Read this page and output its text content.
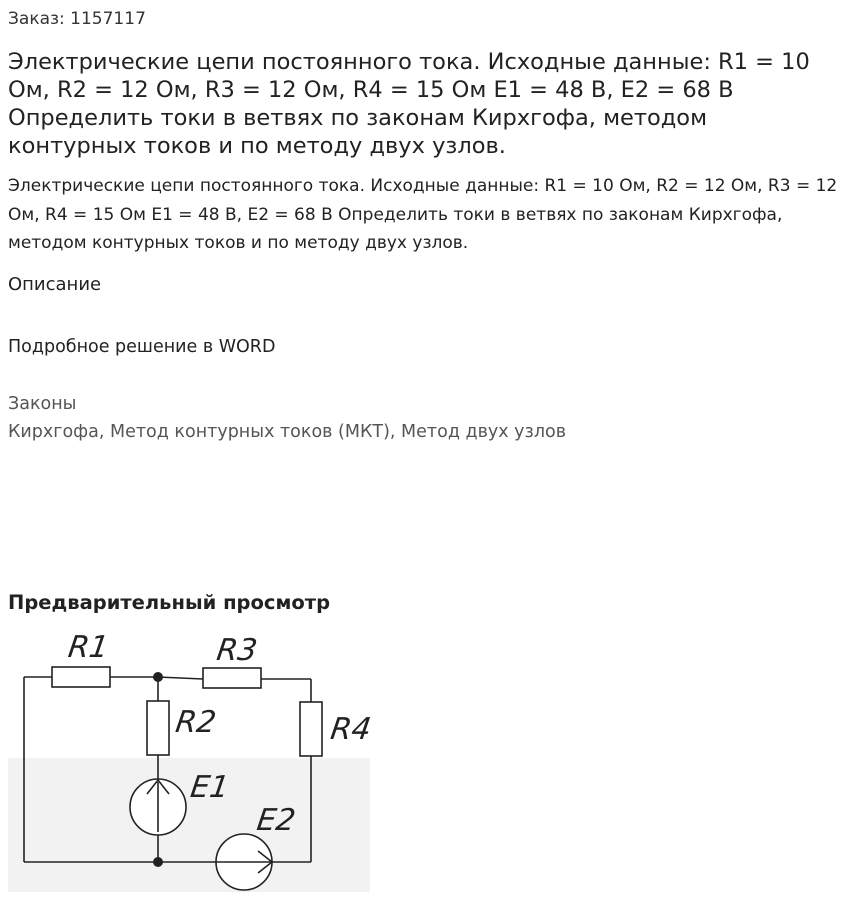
Заказ: 1157117

Электрические цепи постоянного тока. Исходные данные: R1 = 10 Ом, R2 = 12 Ом, R3 = 12 Ом, R4 = 15 Ом E1 = 48 В, E2 = 68 В Определить токи в ветвях по законам Кирхгофа, методом контурных токов и по методу двух узлов.

Электрические цепи постоянного тока. Исходные данные: R1 = 10 Ом, R2 = 12 Ом, R3 = 12 Ом, R4 = 15 Ом E1 = 48 В, E2 = 68 В Определить токи в ветвях по законам Кирхгофа, методом контурных токов и по методу двух узлов.

Описание

Подробное решение в WORD

Законы

Кирхгофа, Метод контурных токов (МКТ), Метод двух узлов

Предварительный просмотр
R1	R3
R2	R4
E1
E2
